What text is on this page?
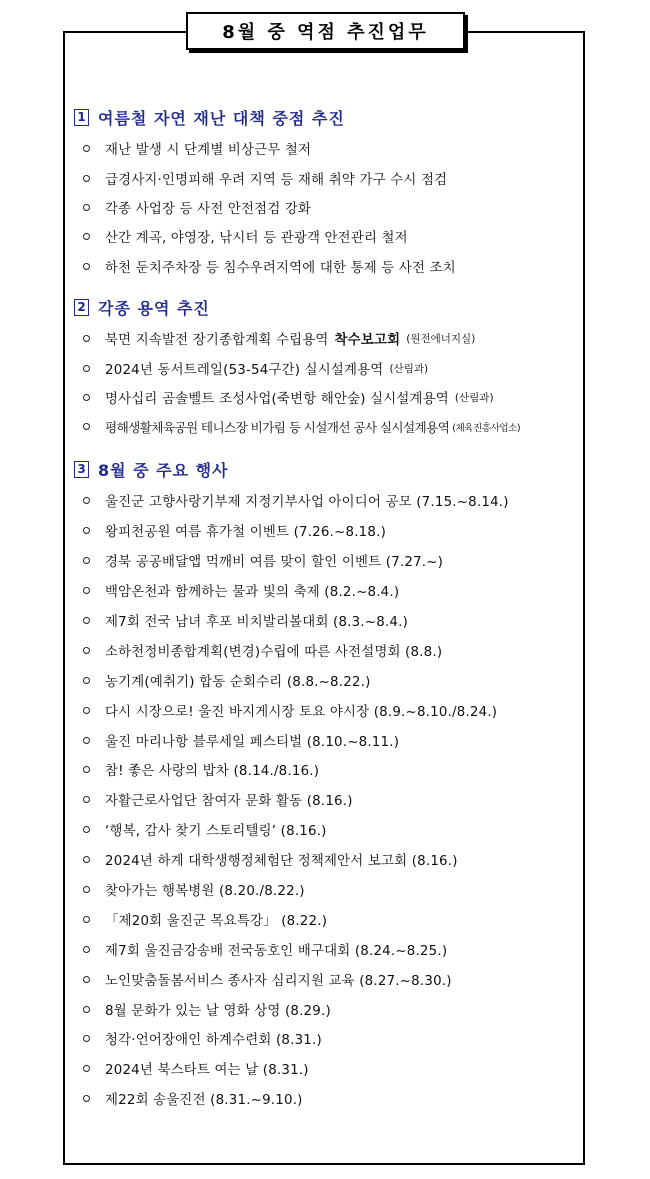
8월 중 역점 추진업무
1 여름철 자연 재난 대책 중점 추진
재난 발생 시 단계별 비상근무 철저
급경사지·인명피해 우려 지역 등 재해 취약 가구 수시 점검
각종 사업장 등 사전 안전점검 강화
산간 계곡, 야영장, 낚시터 등 관광객 안전관리 철저
하천 둔치주차장 등 침수우려지역에 대한 통제 등 사전 조치
2 각종 용역 추진
북면 지속발전 장기종합계획 수립용역 착수보고회 (원전에너지실)
2024년 동서트레일(53-54구간) 실시설계용역 (산림과)
명사십리 곰솔벨트 조성사업(죽변항 해안숲) 실시설계용역 (산림과)
평해생활체육공원 테니스장 비가림 등 시설개선 공사 실시설계용역 (체육진흥사업소)
3 8월 중 주요 행사
울진군 고향사랑기부제 지정기부사업 아이디어 공모 (7.15.~8.14.)
왕피천공원 여름 휴가철 이벤트 (7.26.~8.18.)
경북 공공배달앱 먹깨비 여름 맞이 할인 이벤트 (7.27.~)
백암온천과 함께하는 물과 빛의 축제 (8.2.~8.4.)
제7회 전국 남녀 후포 비치발리볼대회 (8.3.~8.4.)
소하천정비종합계획(변경)수립에 따른 사전설명회 (8.8.)
농기계(예취기) 합동 순회수리 (8.8.~8.22.)
다시 시장으로! 울진 바지게시장 토요 야시장 (8.9.~8.10./8.24.)
울진 마리나항 블루세일 페스티벌 (8.10.~8.11.)
참! 좋은 사랑의 밥차 (8.14./8.16.)
자활근로사업단 참여자 문화 활동 (8.16.)
‘행복, 감사 찾기 스토리텔링’ (8.16.)
2024년 하계 대학생행정체험단 정책제안서 보고회 (8.16.)
찾아가는 행복병원 (8.20./8.22.)
「제20회 울진군 목요특강」 (8.22.)
제7회 울진금강송배 전국동호인 배구대회 (8.24.~8.25.)
노인맞춤돌봄서비스 종사자 심리지원 교육 (8.27.~8.30.)
8월 문화가 있는 날 영화 상영 (8.29.)
청각·언어장애인 하계수련회 (8.31.)
2024년 북스타트 여는 날 (8.31.)
제22회 송울진전 (8.31.~9.10.)
